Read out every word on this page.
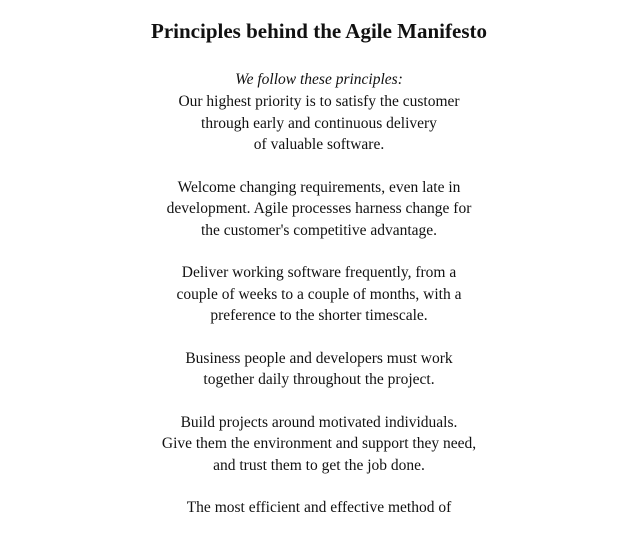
Principles behind the Agile Manifesto
We follow these principles:
Our highest priority is to satisfy the customer
through early and continuous delivery
of valuable software.
Welcome changing requirements, even late in
development. Agile processes harness change for
the customer's competitive advantage.
Deliver working software frequently, from a
couple of weeks to a couple of months, with a
preference to the shorter timescale.
Business people and developers must work
together daily throughout the project.
Build projects around motivated individuals.
Give them the environment and support they need,
and trust them to get the job done.
The most efficient and effective method of
